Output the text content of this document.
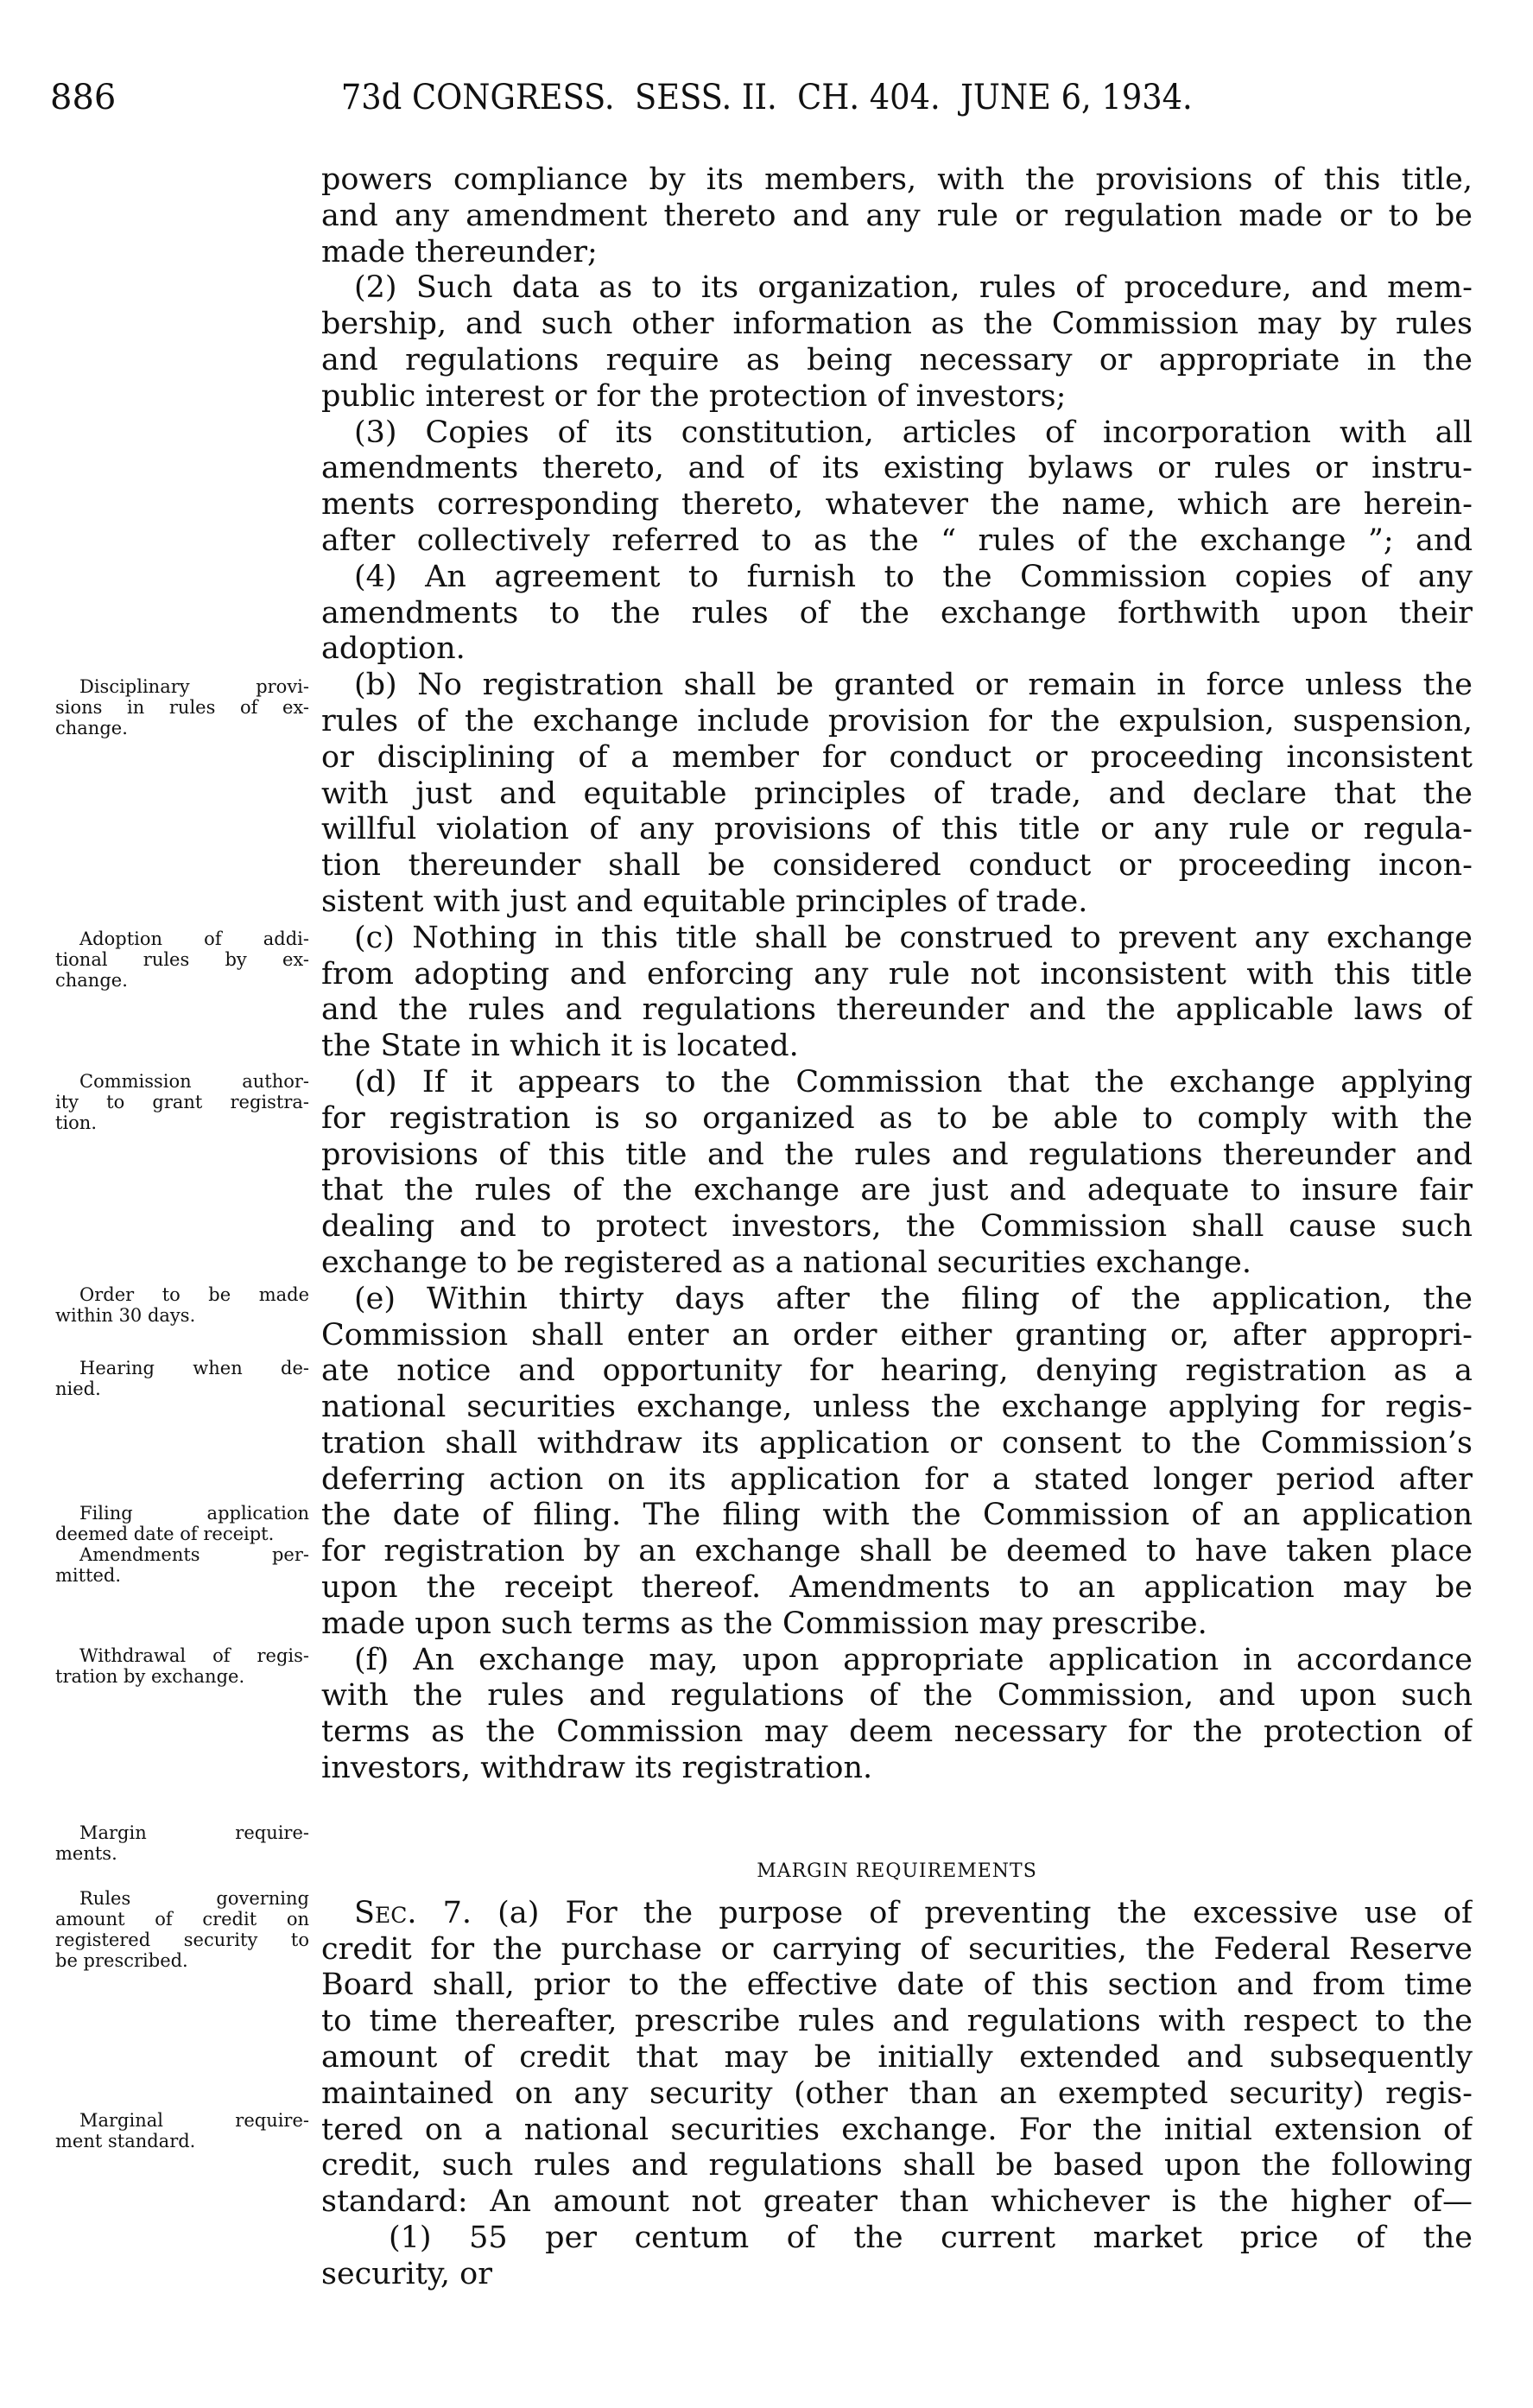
886	73d CONGRESS.  SESS. II.  CH. 404.  JUNE 6, 1934.
Disciplinary provi-
sions in rules of ex-
change.
Adoption of addi-
tional rules by ex-
change.
Commission author-
ity to grant registra-
tion.
Order to be made
within 30 days.
Hearing when de-
nied.
Filing application
deemed date of receipt.
Amendments per-
mitted.
Withdrawal of regis-
tration by exchange.
Margin require-
ments.
Rules governing
amount of credit on
registered security to
be prescribed.
Marginal require-
ment standard.
powers compliance by its members, with the provisions of this title,
and any amendment thereto and any rule or regulation made or to be
made thereunder;
(2) Such data as to its organization, rules of procedure, and mem-
bership, and such other information as the Commission may by rules
and regulations require as being necessary or appropriate in the
public interest or for the protection of investors;
(3) Copies of its constitution, articles of incorporation with all
amendments thereto, and of its existing bylaws or rules or instru-
ments corresponding thereto, whatever the name, which are herein-
after collectively referred to as the “ rules of the exchange ”; and
(4) An agreement to furnish to the Commission copies of any
amendments to the rules of the exchange forthwith upon their
adoption.
(b) No registration shall be granted or remain in force unless the
rules of the exchange include provision for the expulsion, suspension,
or disciplining of a member for conduct or proceeding inconsistent
with just and equitable principles of trade, and declare that the
willful violation of any provisions of this title or any rule or regula-
tion thereunder shall be considered conduct or proceeding incon-
sistent with just and equitable principles of trade.
(c) Nothing in this title shall be construed to prevent any exchange
from adopting and enforcing any rule not inconsistent with this title
and the rules and regulations thereunder and the applicable laws of
the State in which it is located.
(d) If it appears to the Commission that the exchange applying
for registration is so organized as to be able to comply with the
provisions of this title and the rules and regulations thereunder and
that the rules of the exchange are just and adequate to insure fair
dealing and to protect investors, the Commission shall cause such
exchange to be registered as a national securities exchange.
(e) Within thirty days after the filing of the application, the
Commission shall enter an order either granting or, after appropri-
ate notice and opportunity for hearing, denying registration as a
national securities exchange, unless the exchange applying for regis-
tration shall withdraw its application or consent to the Commission’s
deferring action on its application for a stated longer period after
the date of filing. The filing with the Commission of an application
for registration by an exchange shall be deemed to have taken place
upon the receipt thereof. Amendments to an application may be
made upon such terms as the Commission may prescribe.
(f) An exchange may, upon appropriate application in accordance
with the rules and regulations of the Commission, and upon such
terms as the Commission may deem necessary for the protection of
investors, withdraw its registration.
MARGIN REQUIREMENTS
Sec. 7. (a) For the purpose of preventing the excessive use of
credit for the purchase or carrying of securities, the Federal Reserve
Board shall, prior to the effective date of this section and from time
to time thereafter, prescribe rules and regulations with respect to the
amount of credit that may be initially extended and subsequently
maintained on any security (other than an exempted security) regis-
tered on a national securities exchange. For the initial extension of
credit, such rules and regulations shall be based upon the following
standard: An amount not greater than whichever is the higher of—
(1) 55 per centum of the current market price of the
security, or
